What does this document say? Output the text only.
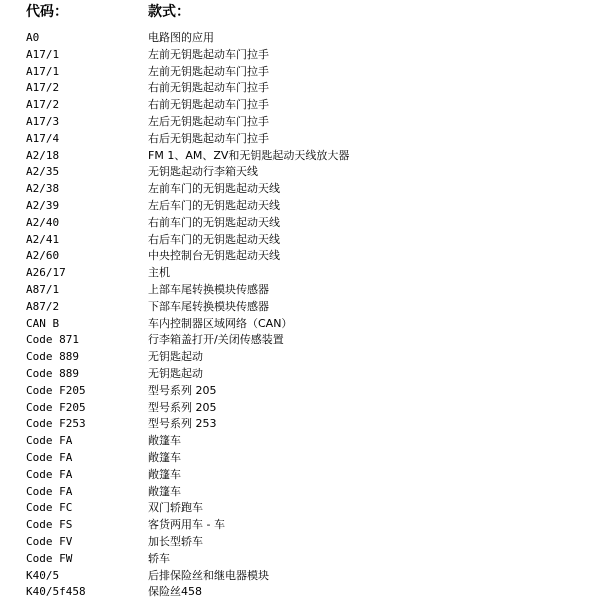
代码：	款式：
A0	电路图的应用
A17/1	左前无钥匙起动车门拉手
A17/1	左前无钥匙起动车门拉手
A17/2	右前无钥匙起动车门拉手
A17/2	右前无钥匙起动车门拉手
A17/3	左后无钥匙起动车门拉手
A17/4	右后无钥匙起动车门拉手
A2/18	FM 1、AM、ZV和无钥匙起动天线放大器
A2/35	无钥匙起动行李箱天线
A2/38	左前车门的无钥匙起动天线
A2/39	左后车门的无钥匙起动天线
A2/40	右前车门的无钥匙起动天线
A2/41	右后车门的无钥匙起动天线
A2/60	中央控制台无钥匙起动天线
A26/17	主机
A87/1	上部车尾转换模块传感器
A87/2	下部车尾转换模块传感器
CAN B	车内控制器区域网络（CAN）
Code 871	行李箱盖打开/关闭传感装置
Code 889	无钥匙起动
Code 889	无钥匙起动
Code F205	型号系列 205
Code F205	型号系列 205
Code F253	型号系列 253
Code FA	敞篷车
Code FA	敞篷车
Code FA	敞篷车
Code FA	敞篷车
Code FC	双门轿跑车
Code FS	客货两用车 - 车
Code FV	加长型轿车
Code FW	轿车
K40/5	后排保险丝和继电器模块
K40/5f458	保险丝458
